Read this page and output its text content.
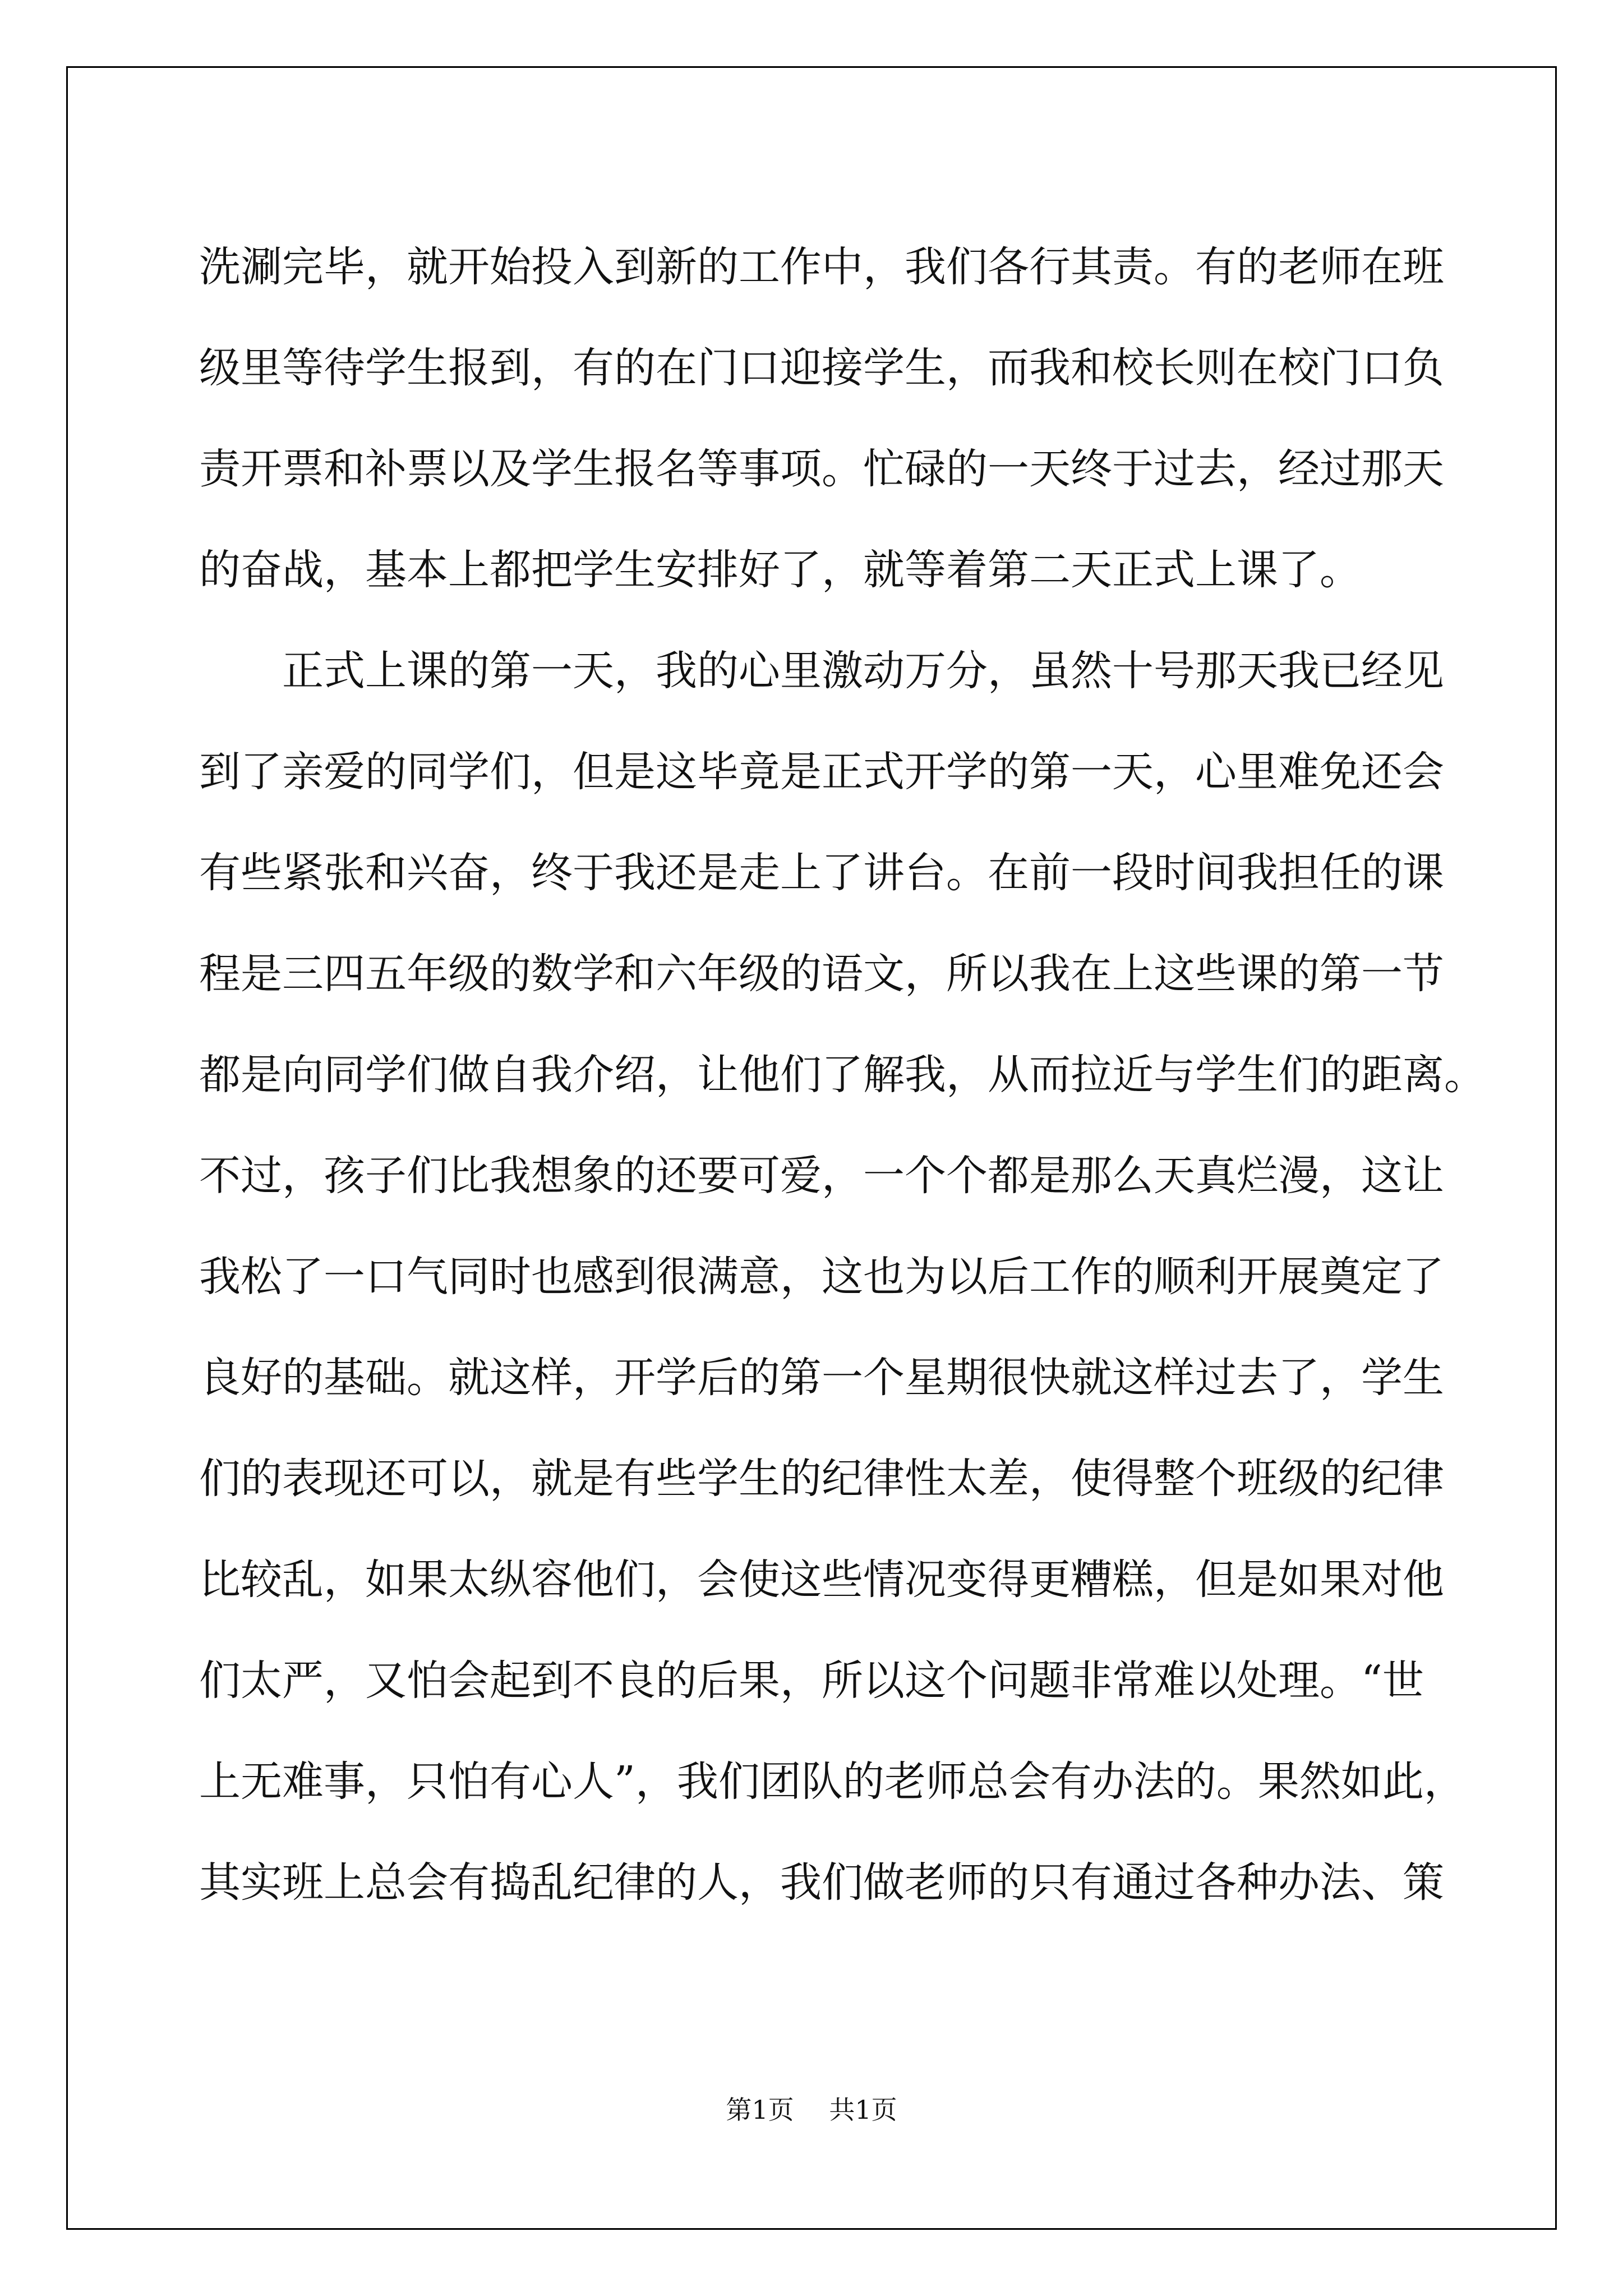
洗涮完毕，就开始投入到新的工作中，我们各行其责。有的老师在班
级里等待学生报到，有的在门口迎接学生，而我和校长则在校门口负
责开票和补票以及学生报名等事项。忙碌的一天终于过去，经过那天
的奋战，基本上都把学生安排好了，就等着第二天正式上课了。
正式上课的第一天，我的心里激动万分，虽然十号那天我已经见
到了亲爱的同学们，但是这毕竟是正式开学的第一天，心里难免还会
有些紧张和兴奋，终于我还是走上了讲台。在前一段时间我担任的课
程是三四五年级的数学和六年级的语文，所以我在上这些课的第一节
都是向同学们做自我介绍，让他们了解我，从而拉近与学生们的距离。
不过，孩子们比我想象的还要可爱，一个个都是那么天真烂漫，这让
我松了一口气同时也感到很满意，这也为以后工作的顺利开展奠定了
良好的基础。就这样，开学后的第一个星期很快就这样过去了，学生
们的表现还可以，就是有些学生的纪律性太差，使得整个班级的纪律
比较乱，如果太纵容他们，会使这些情况变得更糟糕，但是如果对他
们太严，又怕会起到不良的后果，所以这个问题非常难以处理。“世
上无难事，只怕有心人”，我们团队的老师总会有办法的。果然如此，
其实班上总会有捣乱纪律的人，我们做老师的只有通过各种办法、策
第1页 共1页
